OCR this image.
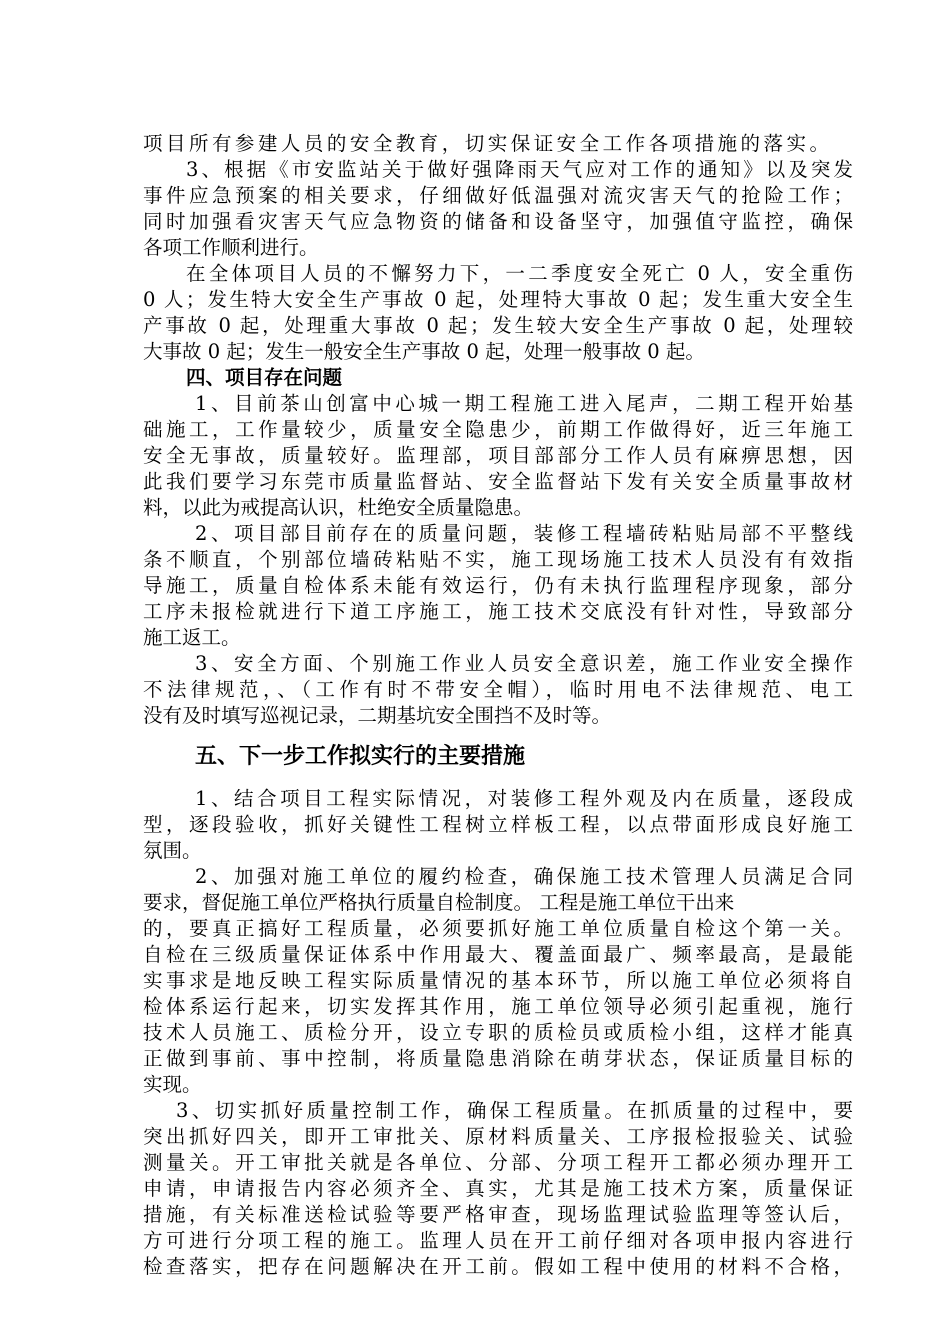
项目所有参建人员的安全教育，切实保证安全工作各项措施的落实。
3、根据《市安监站关于做好强降雨天气应对工作的通知》以及突发
事件应急预案的相关要求，仔细做好低温强对流灾害天气的抢险工作；
同时加强看灾害天气应急物资的储备和设备坚守，加强值守监控，确保
各项工作顺利进行。
在全体项目人员的不懈努力下，一二季度安全死亡 0 人，安全重伤
0 人；发生特大安全生产事故 0 起，处理特大事故 0 起；发生重大安全生
产事故 0 起，处理重大事故 0 起；发生较大安全生产事故 0 起，处理较
大事故 0 起；发生一般安全生产事故 0 起，处理一般事故 0 起。
四、项目存在问题
1、目前茶山创富中心城一期工程施工进入尾声，二期工程开始基
础施工，工作量较少，质量安全隐患少，前期工作做得好，近三年施工
安全无事故，质量较好。监理部，项目部部分工作人员有麻痹思想，因
此我们要学习东莞市质量监督站、安全监督站下发有关安全质量事故材
料，以此为戒提高认识，杜绝安全质量隐患。
2、项目部目前存在的质量问题，装修工程墙砖粘贴局部不平整线
条不顺直，个别部位墙砖粘贴不实，施工现场施工技术人员没有有效指
导施工，质量自检体系未能有效运行，仍有未执行监理程序现象，部分
工序未报检就进行下道工序施工，施工技术交底没有针对性，导致部分
施工返工。
3、安全方面、个别施工作业人员安全意识差，施工作业安全操作
不法律规范，、（工作有时不带安全帽），临时用电不法律规范、电工
没有及时填写巡视记录，二期基坑安全围挡不及时等。
五、下一步工作拟实行的主要措施
1、结合项目工程实际情况，对装修工程外观及内在质量，逐段成
型，逐段验收，抓好关键性工程树立样板工程，以点带面形成良好施工
氛围。
2、加强对施工单位的履约检查，确保施工技术管理人员满足合同
要求，督促施工单位严格执行质量自检制度。 工程是施工单位干出来
的，要真正搞好工程质量，必须要抓好施工单位质量自检这个第一关。
自检在三级质量保证体系中作用最大、覆盖面最广、频率最高，是最能
实事求是地反映工程实际质量情况的基本环节，所以施工单位必须将自
检体系运行起来，切实发挥其作用，施工单位领导必须引起重视，施行
技术人员施工、质检分开，设立专职的质检员或质检小组，这样才能真
正做到事前、事中控制，将质量隐患消除在萌芽状态，保证质量目标的
实现。
3、切实抓好质量控制工作，确保工程质量。在抓质量的过程中，要
突出抓好四关，即开工审批关、原材料质量关、工序报检报验关、试验
测量关。开工审批关就是各单位、分部、分项工程开工都必须办理开工
申请，申请报告内容必须齐全、真实，尤其是施工技术方案，质量保证
措施，有关标准送检试验等要严格审查，现场监理试验监理等签认后，
方可进行分项工程的施工。监理人员在开工前仔细对各项申报内容进行
检查落实，把存在问题解决在开工前。假如工程中使用的材料不合格，
